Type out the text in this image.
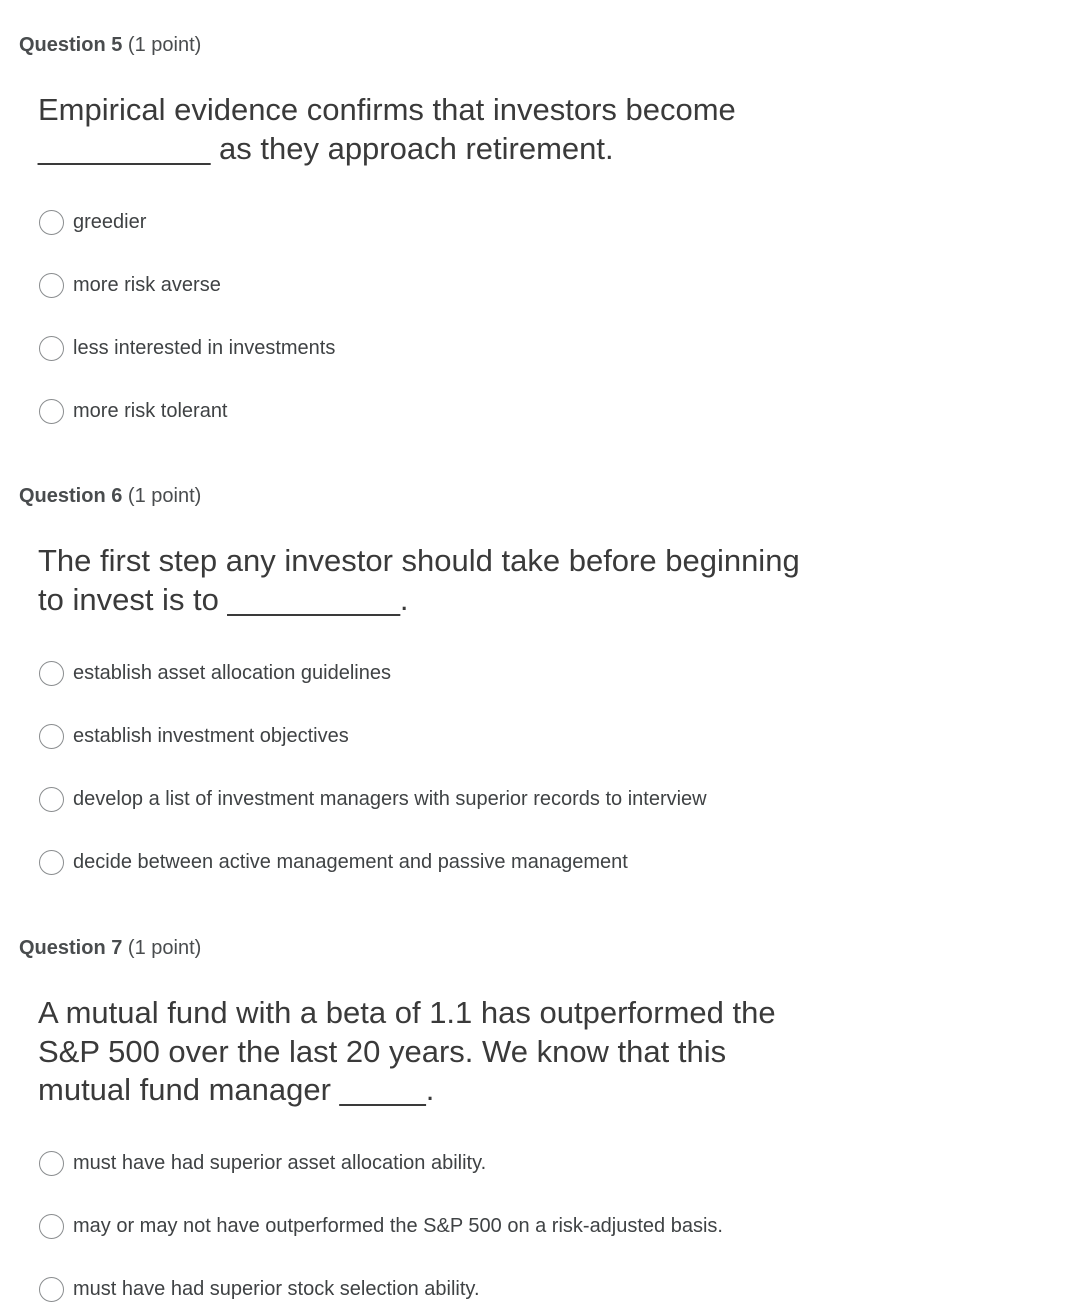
Question 5 (1 point)
Empirical evidence confirms that investors become
__________ as they approach retirement.
greedier
more risk averse
less interested in investments
more risk tolerant
Question 6 (1 point)
The first step any investor should take before beginning
to invest is to __________.
establish asset allocation guidelines
establish investment objectives
develop a list of investment managers with superior records to interview
decide between active management and passive management
Question 7 (1 point)
A mutual fund with a beta of 1.1 has outperformed the
S&P 500 over the last 20 years. We know that this
mutual fund manager _____.
must have had superior asset allocation ability.
may or may not have outperformed the S&P 500 on a risk-adjusted basis.
must have had superior stock selection ability.
